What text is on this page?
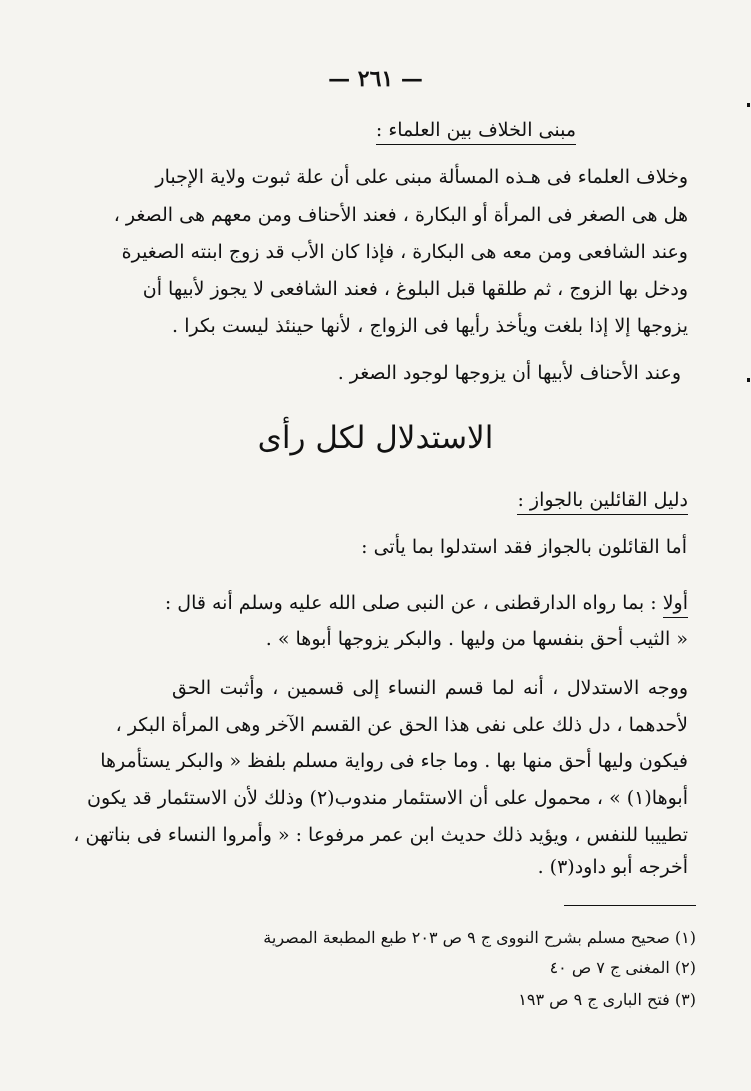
— ٢٦١ —
مبنى الخلاف بين العلماء :
وخلاف العلماء فى هـذه المسألة مبنى على أن علة ثبوت ولاية الإجبار
هل هى الصغر فى المرأة أو البكارة ، فعند الأحناف ومن معهم هى الصغر ،
وعند الشافعى ومن معه هى البكارة ، فإذا كان الأب قد زوج ابنته الصغيرة
ودخل بها الزوج ، ثم طلقها قبل البلوغ ، فعند الشافعى لا يجوز لأبيها أن
يزوجها إلا إذا بلغت ويأخذ رأيها فى الزواج ، لأنها حينئذ ليست بكرا .
وعند الأحناف لأبيها أن يزوجها لوجود الصغر .
الاستدلال لكل رأى
دليل القائلين بالجواز :
أما القائلون بالجواز فقد استدلوا بما يأتى :
أولا : بما رواه الدارقطنى ، عن النبى صلى الله عليه وسلم أنه قال :
« الثيب أحق بنفسها من وليها . والبكر يزوجها أبوها » .
ووجه الاستدلال ، أنه لما قسم النساء إلى قسمين ، وأثبت الحق
لأحدهما ، دل ذلك على نفى هذا الحق عن القسم الآخر وهى المرأة البكر ،
فيكون وليها أحق منها بها . وما جاء فى رواية مسلم بلفظ « والبكر يستأمرها
أبوها(١) » ، محمول على أن الاستئمار مندوب(٢) وذلك لأن الاستئمار قد يكون
تطييبا للنفس ، ويؤيد ذلك حديث ابن عمر مرفوعا : « وأمروا النساء فى بناتهن ،
أخرجه أبو داود(٣) .
(١) صحيح مسلم بشرح النووى ج ٩ ص ٢٠٣ طبع المطبعة المصرية
(٢) المغنى ج ٧ ص ٤٠
(٣) فتح البارى ج ٩ ص ١٩٣
